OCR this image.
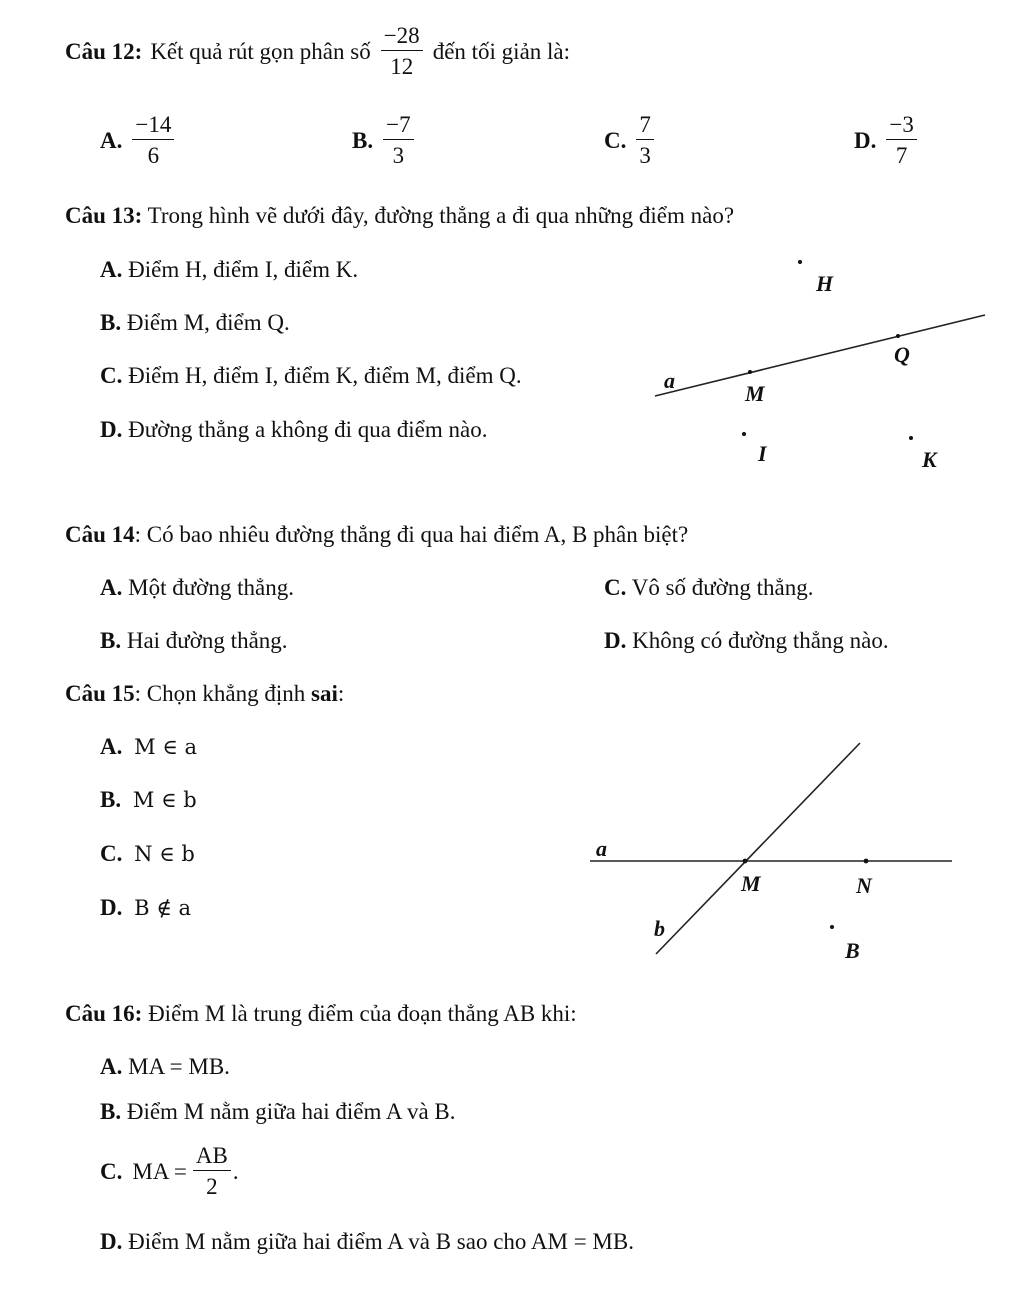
Câu 12: Kết quả rút gọn phân số $\frac{-28}{12}$ đến tối giản là:
A. $\frac{-14}{6}$	B. $\frac{-7}{3}$	C. $\frac{7}{3}$	D. $\frac{-3}{7}$
Câu 13: Trong hình vẽ dưới đây, đường thẳng a đi qua những điểm nào?
A. Điểm H, điểm I, điểm K.
B. Điểm M, điểm Q.
C. Điểm H, điểm I, điểm K, điểm M, điểm Q.
D. Đường thẳng a không đi qua điểm nào.
a
H
Q
M
I	K
Câu 14: Có bao nhiêu đường thẳng đi qua hai điểm A, B phân biệt?
A. Một đường thẳng.	C. Vô số đường thẳng.
B. Hai đường thẳng.	D. Không có đường thẳng nào.
Câu 15: Chọn khẳng định sai:
A. M ∈ a
B. M ∈ b
C. N ∈ b
D. B ∉ a
a
b
M	N
B
Câu 16: Điểm M là trung điểm của đoạn thẳng AB khi:
A. MA = MB.
B. Điểm M nằm giữa hai điểm A và B.
C. MA = $\frac{AB}{2}$ .
D. Điểm M nằm giữa hai điểm A và B sao cho AM = MB.
